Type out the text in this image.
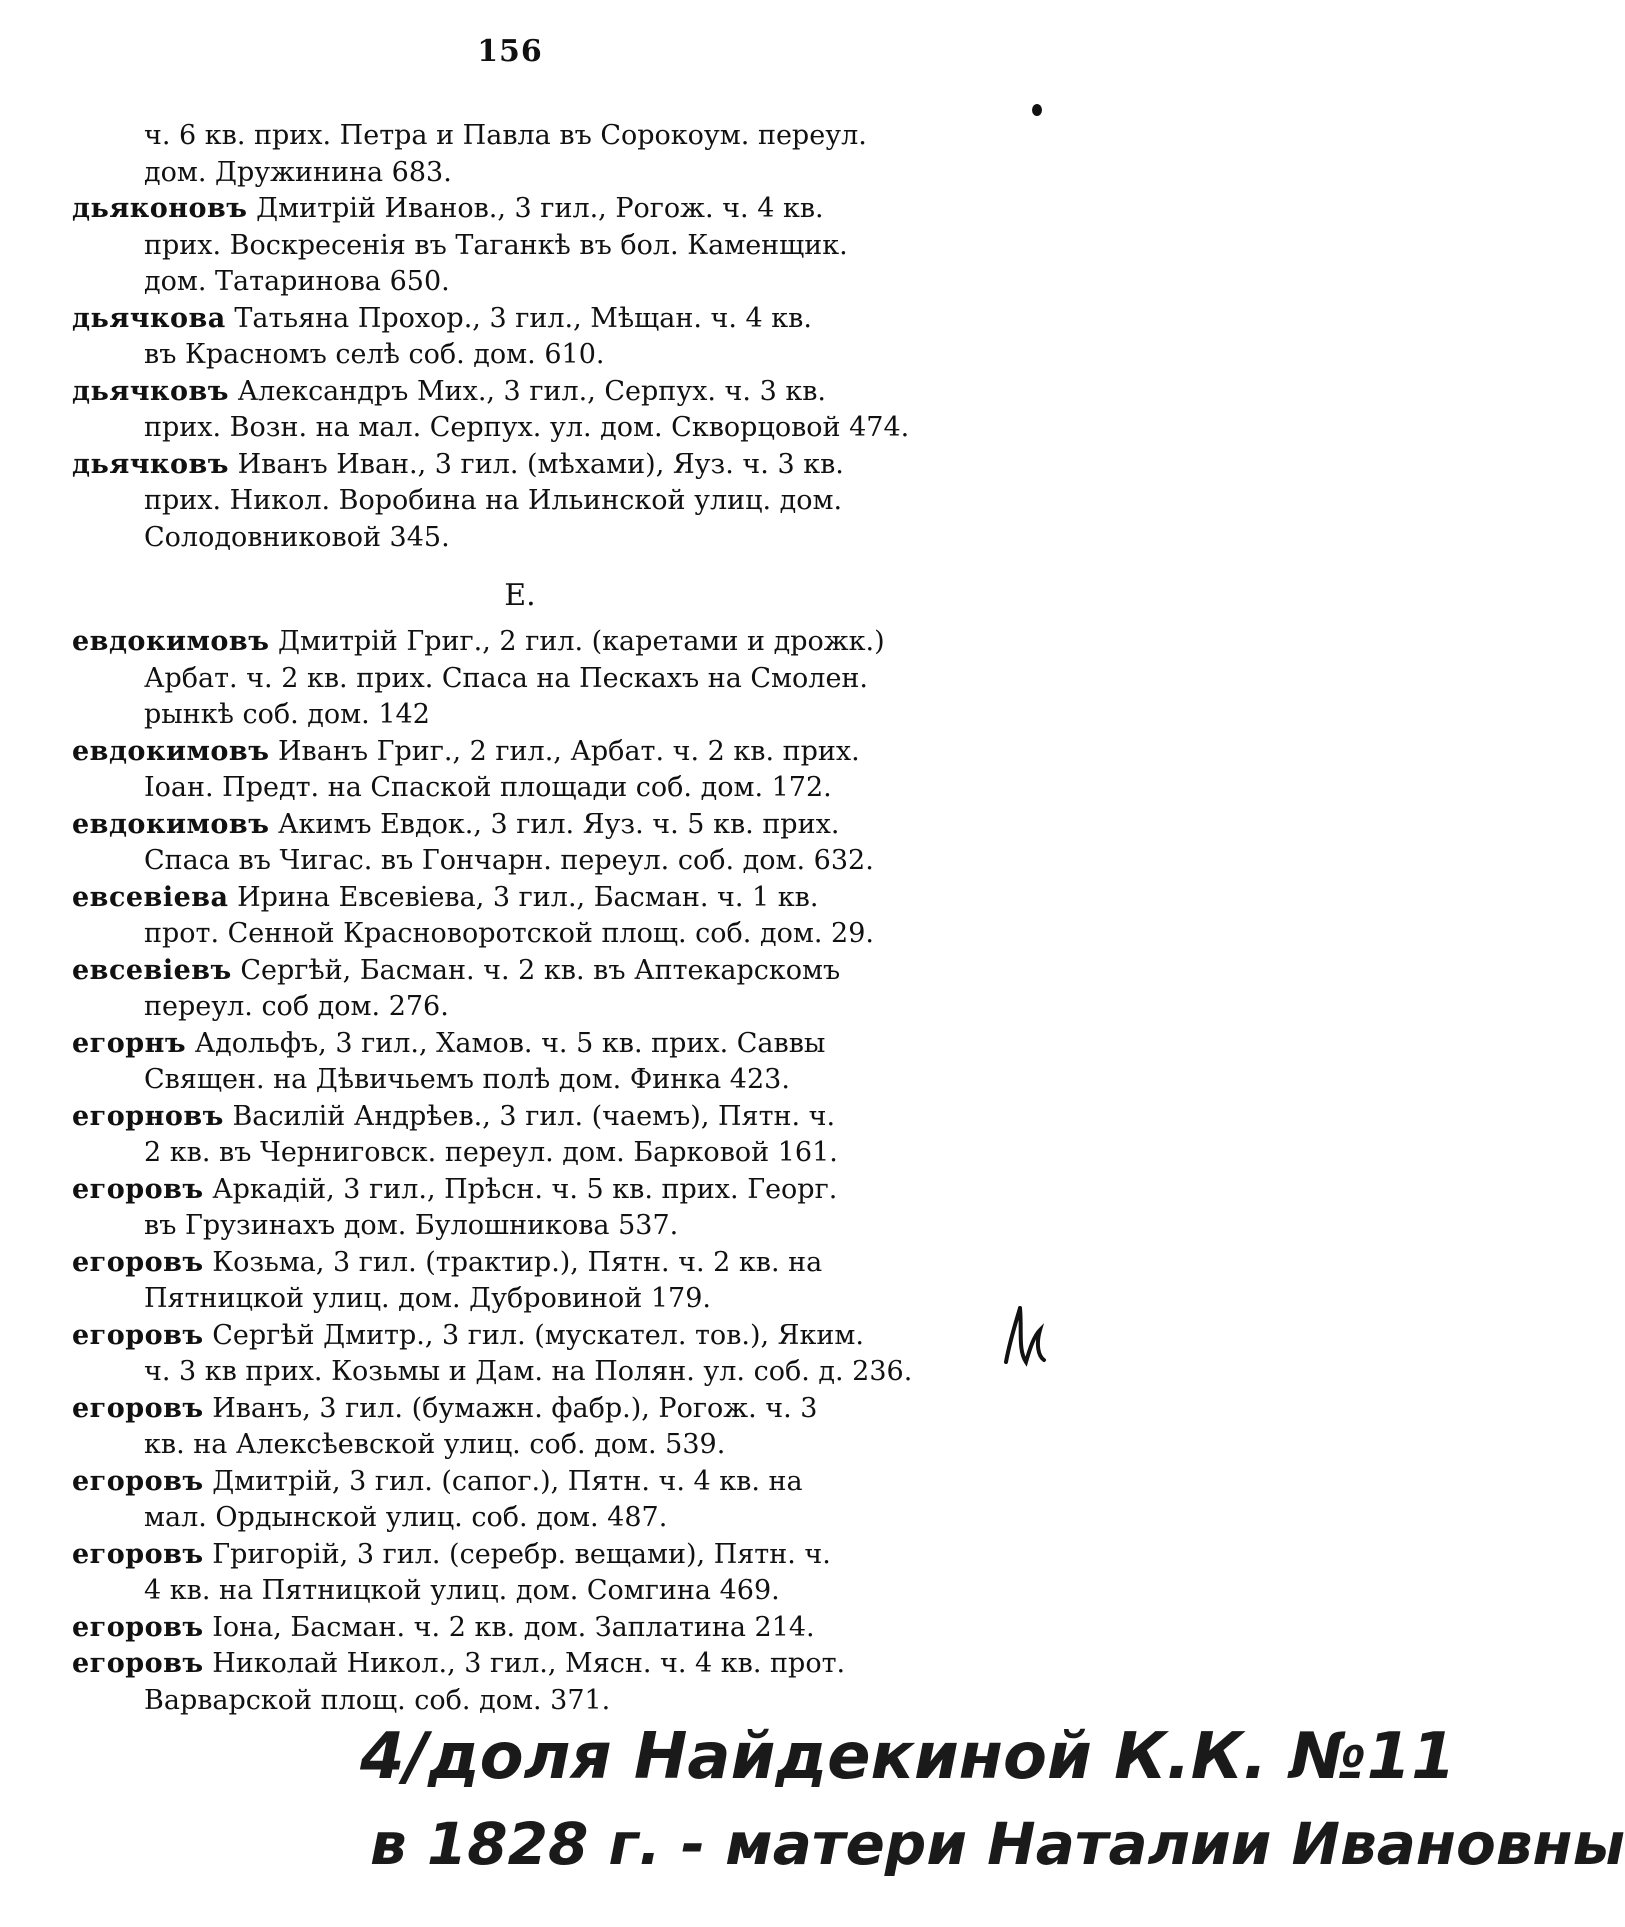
156
ч. 6 кв. прих. Петра и Павла въ Сорокоум. переул.
дом. Дружинина 683.
дьяконовъ Дмитрій Иванов., 3 гил., Рогож. ч. 4 кв.
прих. Воскресенія въ Таганкѣ въ бол. Каменщик.
дом. Татаринова 650.
дьячкова Татьяна Прохор., 3 гил., Мѣщан. ч. 4 кв.
въ Красномъ селѣ соб. дом. 610.
дьячковъ Александръ Мих., 3 гил., Серпух. ч. 3 кв.
прих. Возн. на мал. Серпух. ул. дом. Скворцовой 474.
дьячковъ Иванъ Иван., 3 гил. (мѣхами), Яуз. ч. 3 кв.
прих. Никол. Воробина на Ильинской улиц. дом.
Солодовниковой 345.
Е.
евдокимовъ Дмитрій Григ., 2 гил. (каретами и дрожк.)
Арбат. ч. 2 кв. прих. Спаса на Пескахъ на Смолен.
рынкѣ соб. дом. 142
евдокимовъ Иванъ Григ., 2 гил., Арбат. ч. 2 кв. прих.
Іоан. Предт. на Спаской площади соб. дом. 172.
евдокимовъ Акимъ Евдок., 3 гил. Яуз. ч. 5 кв. прих.
Спаса въ Чигас. въ Гончарн. переул. соб. дом. 632.
евсевіева Ирина Евсевіева, 3 гил., Басман. ч. 1 кв.
прот. Сенной Красноворотской площ. соб. дом. 29.
евсевіевъ Сергѣй, Басман. ч. 2 кв. въ Аптекарскомъ
переул. соб дом. 276.
егорнъ Адольфъ, 3 гил., Хамов. ч. 5 кв. прих. Саввы
Священ. на Дѣвичьемъ полѣ дом. Финка 423.
егорновъ Василій Андрѣев., 3 гил. (чаемъ), Пятн. ч.
2 кв. въ Черниговск. переул. дом. Барковой 161.
егоровъ Аркадій, 3 гил., Прѣсн. ч. 5 кв. прих. Георг.
въ Грузинахъ дом. Булошникова 537.
егоровъ Козьма, 3 гил. (трактир.), Пятн. ч. 2 кв. на
Пятницкой улиц. дом. Дубровиной 179.
егоровъ Сергѣй Дмитр., 3 гил. (мускател. тов.), Яким.
ч. 3 кв прих. Козьмы и Дам. на Полян. ул. соб. д. 236.
егоровъ Иванъ, 3 гил. (бумажн. фабр.), Рогож. ч. 3
кв. на Алексѣевской улиц. соб. дом. 539.
егоровъ Дмитрій, 3 гил. (сапог.), Пятн. ч. 4 кв. на
мал. Ордынской улиц. соб. дом. 487.
егоровъ Григорій, 3 гил. (серебр. вещами), Пятн. ч.
4 кв. на Пятницкой улиц. дом. Сомгина 469.
егоровъ Іона, Басман. ч. 2 кв. дом. Заплатина 214.
егоровъ Николай Никол., 3 гил., Мясн. ч. 4 кв. прот.
Варварской площ. соб. дом. 371.
4/доля Найдекиной К.К. №11
в 1828 г. - матери Наталии Ивановны
